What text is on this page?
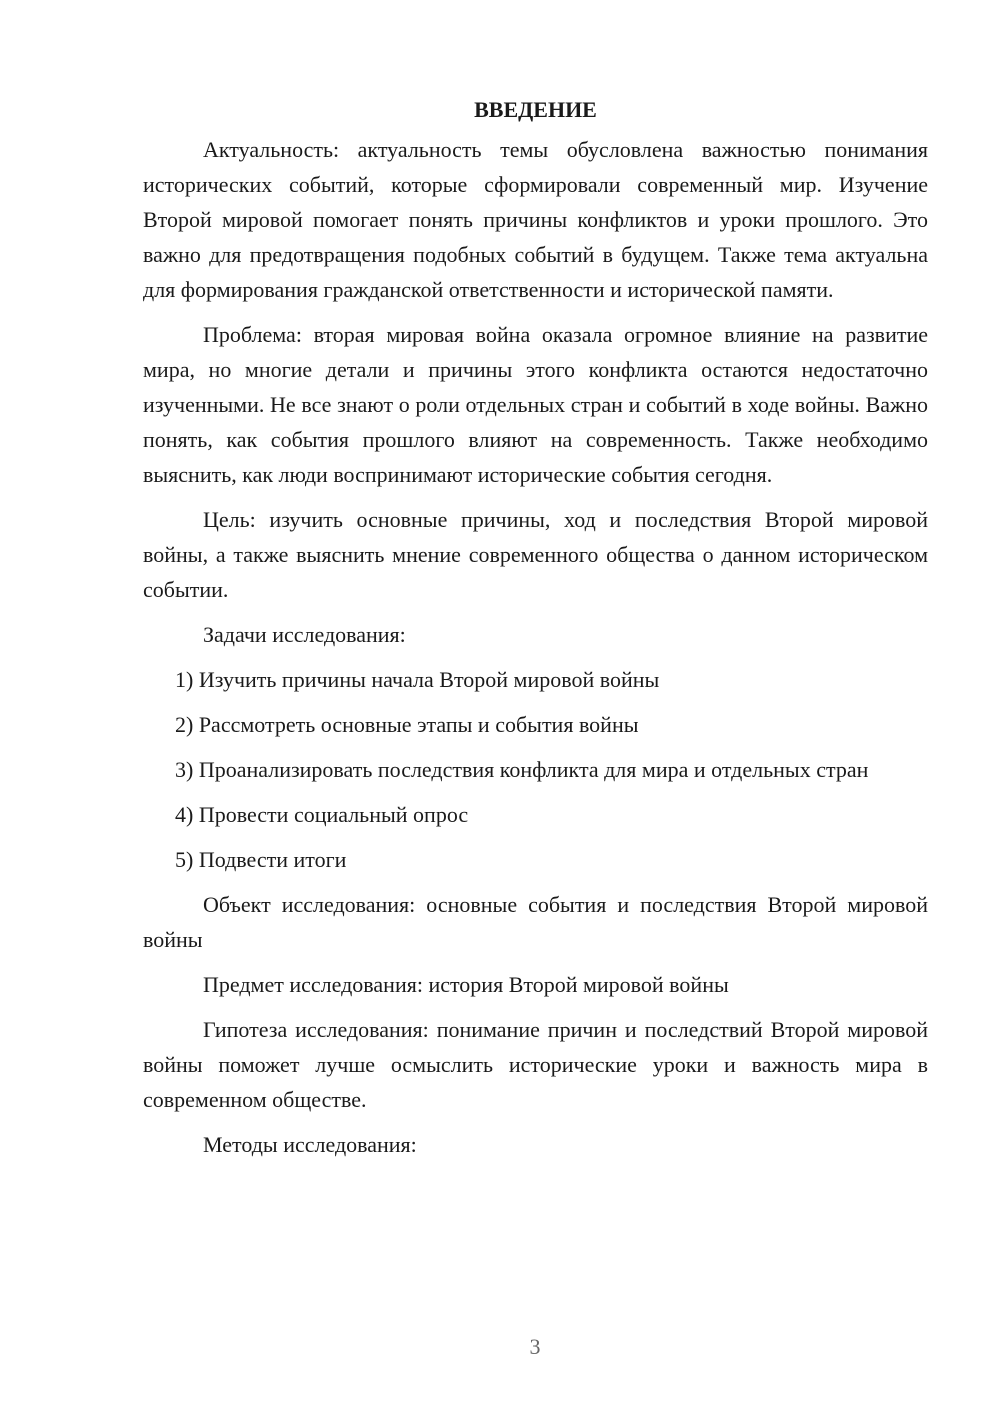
ВВЕДЕНИЕ

Актуальность: актуальность темы обусловлена важностью понимания исторических событий, которые сформировали современный мир. Изучение Второй мировой помогает понять причины конфликтов и уроки прошлого. Это важно для предотвращения подобных событий в будущем. Также тема актуальна для формирования гражданской ответственности и исторической памяти.

Проблема: вторая мировая война оказала огромное влияние на развитие мира, но многие детали и причины этого конфликта остаются недостаточно изученными. Не все знают о роли отдельных стран и событий в ходе войны. Важно понять, как события прошлого влияют на современность. Также необходимо выяснить, как люди воспринимают исторические события сегодня.

Цель: изучить основные причины, ход и последствия Второй мировой войны, а также выяснить мнение современного общества о данном историческом событии.

Задачи исследования:

1) Изучить причины начала Второй мировой войны

2) Рассмотреть основные этапы и события войны

3) Проанализировать последствия конфликта для мира и отдельных стран

4) Провести социальный опрос

5) Подвести итоги

Объект исследования: основные события и последствия Второй мировой войны

Предмет исследования: история Второй мировой войны

Гипотеза исследования: понимание причин и последствий Второй мировой войны поможет лучше осмыслить исторические уроки и важность мира в современном обществе.

Методы исследования:

3
